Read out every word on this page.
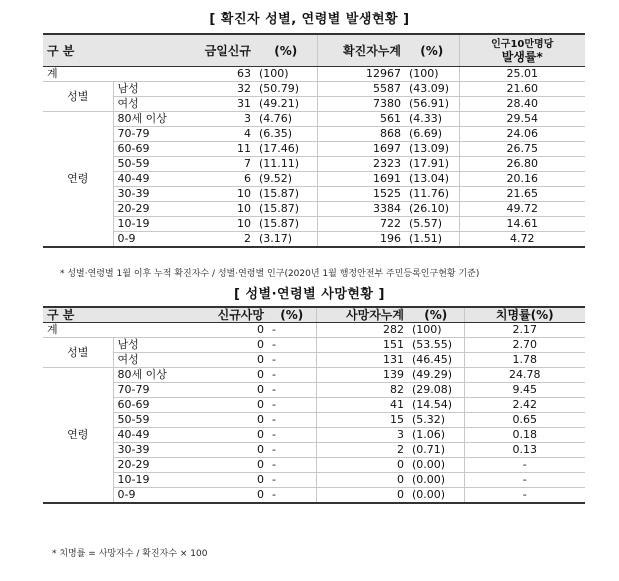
[ 확진자 성별, 연령별 발생현황 ]
구 분		금일신규	(%)	확진자누계	(%)	인구10만명당
발생률*

계		63	(100)	12967	(100)	25.01
성별	남성	32	(50.79)	5587	(43.09)	21.60
	여성	31	(49.21)	7380	(56.91)	28.40
연령	80세 이상	3	(4.76)	561	(4.33)	29.54
	70-79	4	(6.35)	868	(6.69)	24.06
	60-69	11	(17.46)	1697	(13.09)	26.75
	50-59	7	(11.11)	2323	(17.91)	26.80
	40-49	6	(9.52)	1691	(13.04)	20.16
	30-39	10	(15.87)	1525	(11.76)	21.65
	20-29	10	(15.87)	3384	(26.10)	49.72
	10-19	10	(15.87)	722	(5.57)	14.61
	0-9	2	(3.17)	196	(1.51)	4.72
* 성별·연령별 1월 이후 누적 확진자수 / 성별·연령별 인구(2020년 1월 행정안전부 주민등록인구현황 기준)
[ 성별·연령별 사망현황 ]
구 분		신규사망	(%)	사망자누계	(%)	치명률(%)
계		0	-	282	(100)	2.17
성별	남성	0	-	151	(53.55)	2.70
	여성	0	-	131	(46.45)	1.78
연령	80세 이상	0	-	139	(49.29)	24.78
	70-79	0	-	82	(29.08)	9.45
	60-69	0	-	41	(14.54)	2.42
	50-59	0	-	15	(5.32)	0.65
	40-49	0	-	3	(1.06)	0.18
	30-39	0	-	2	(0.71)	0.13
	20-29	0	-	0	(0.00)	-
	10-19	0	-	0	(0.00)	-
	0-9	0	-	0	(0.00)	-
* 치명률 = 사망자수 / 확진자수 × 100
